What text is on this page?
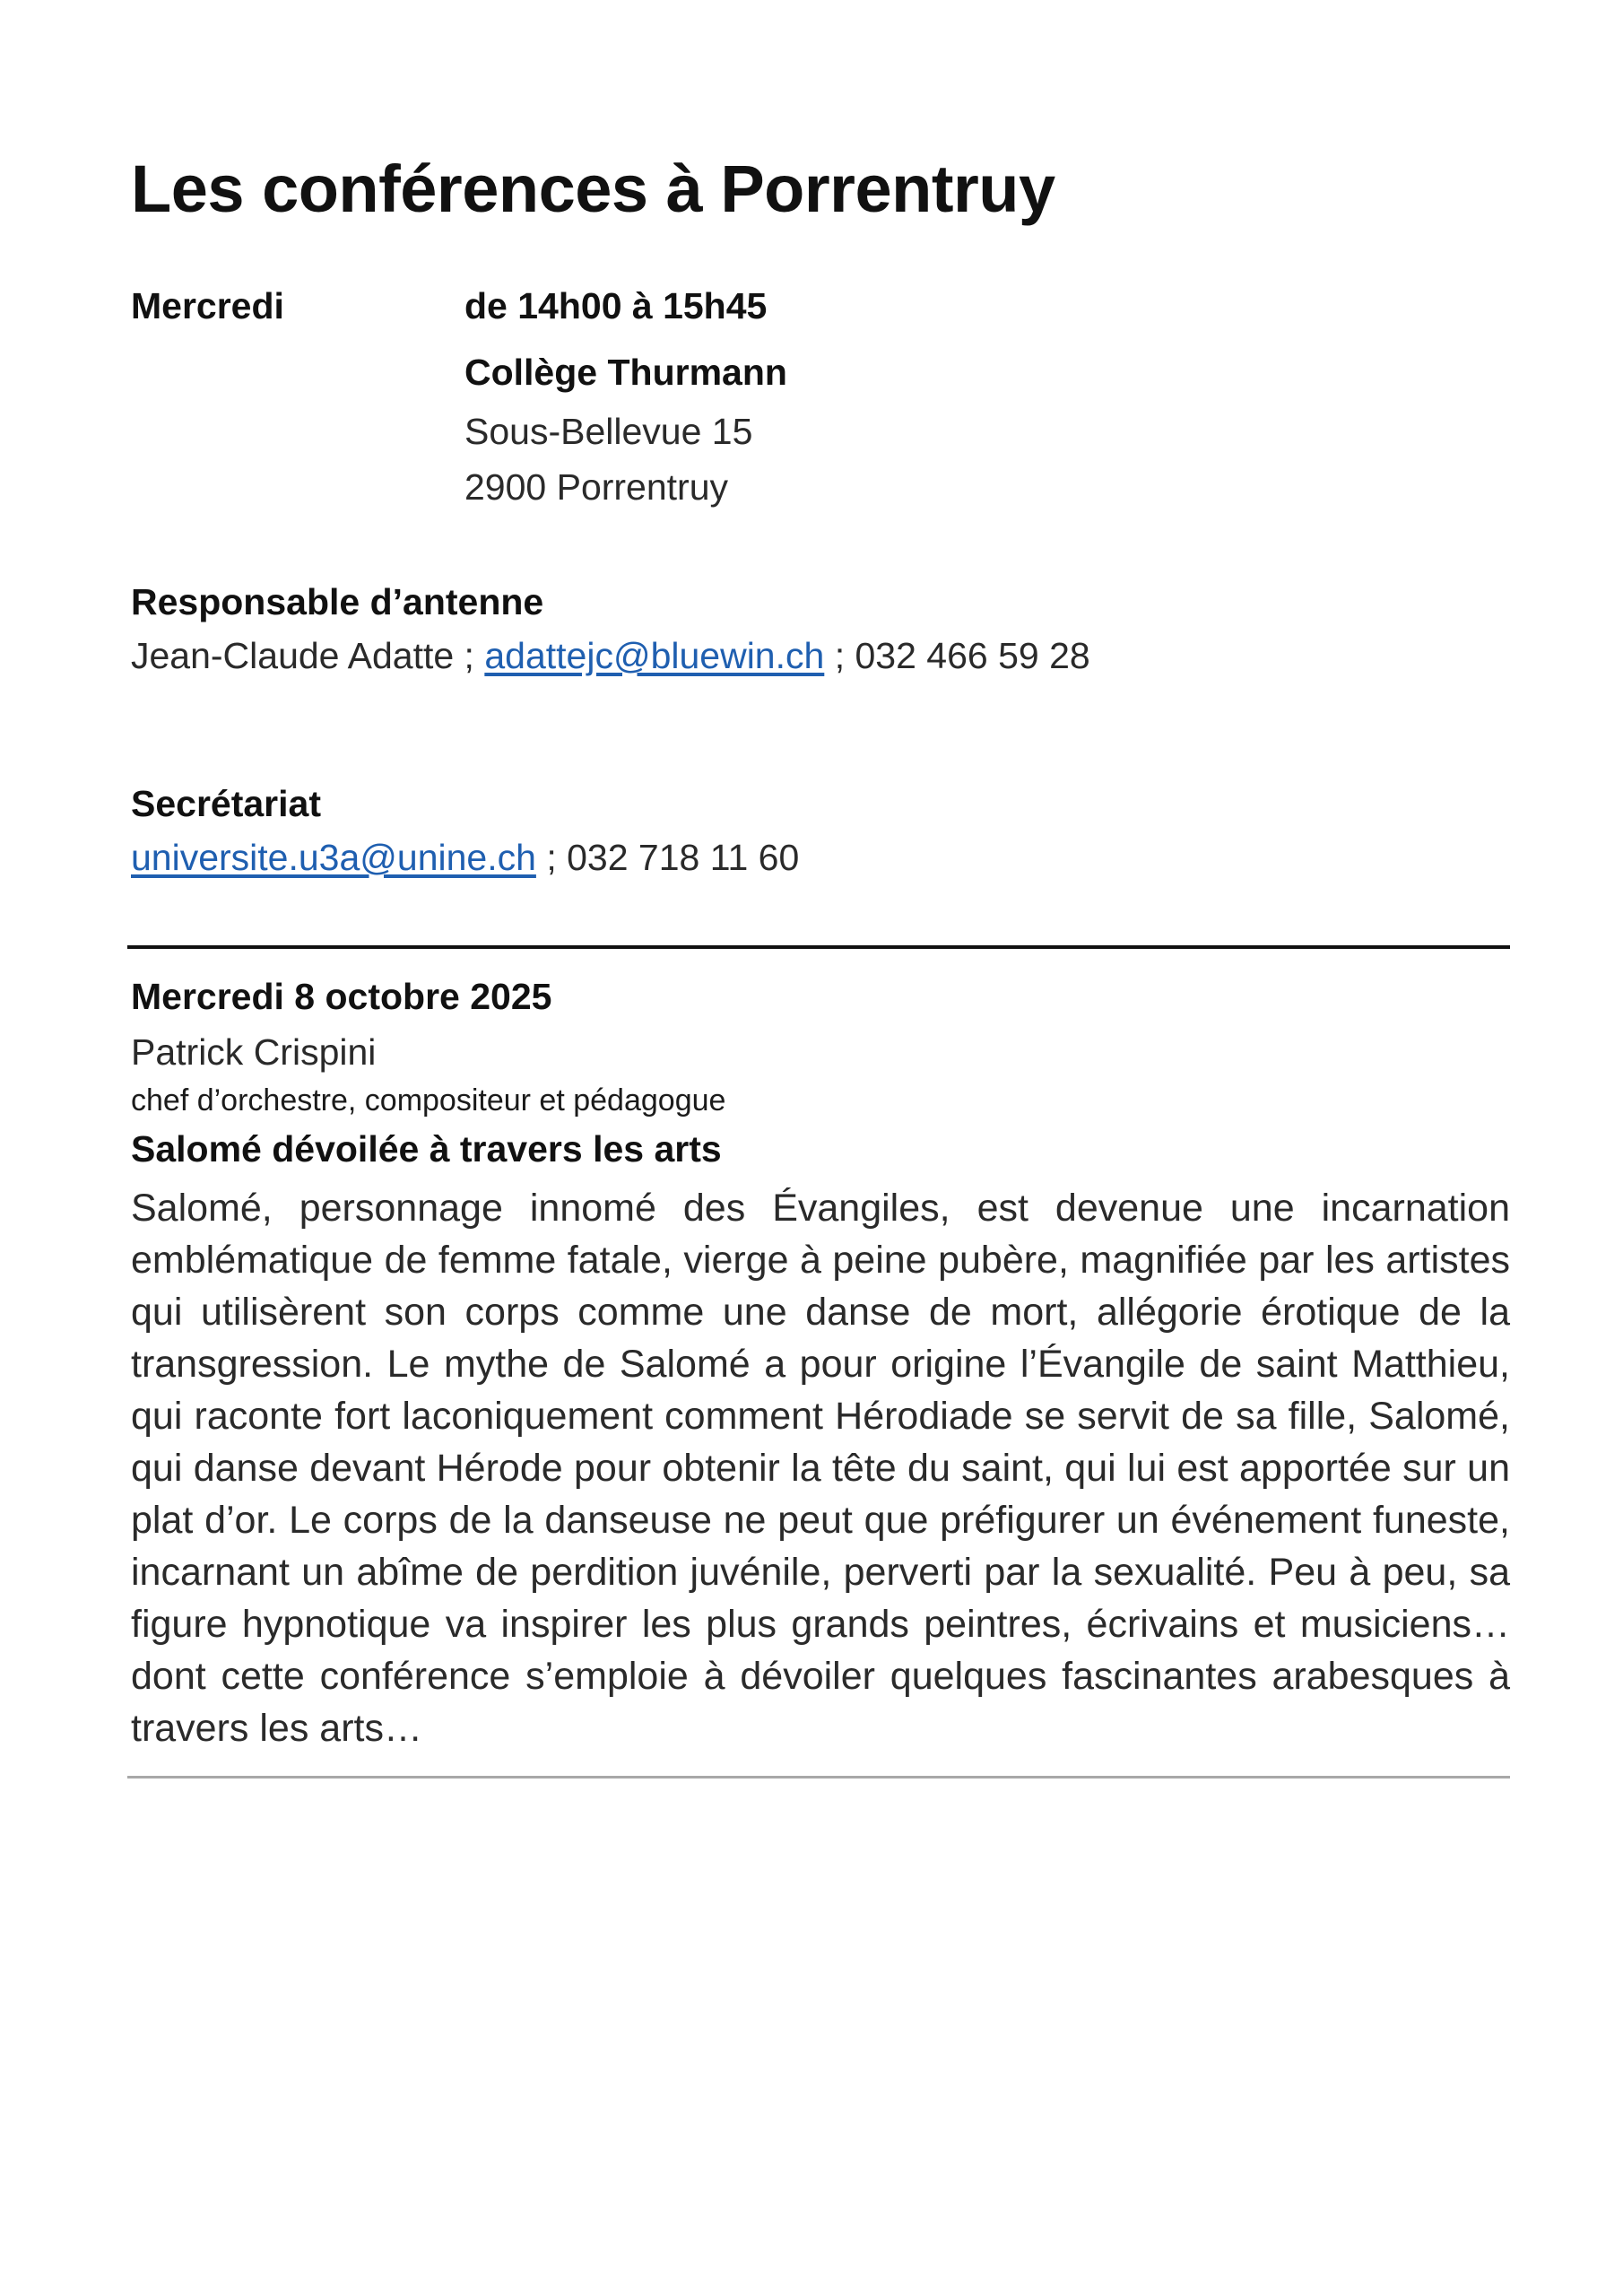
Les conférences à Porrentruy
Mercredi	de 14h00 à 15h45
Collège Thurmann
Sous-Bellevue 15
2900 Porrentruy
Responsable d’antenne
Jean-Claude Adatte ; adattejc@bluewin.ch ; 032 466 59 28
Secrétariat
universite.u3a@unine.ch ; 032 718 11 60
Mercredi 8 octobre 2025
Patrick Crispini
chef d’orchestre, compositeur et pédagogue
Salomé dévoilée à travers les arts

Salomé, personnage innomé des Évangiles, est devenue une incarnation emblématique de femme fatale, vierge à peine pubère, magnifiée par les artistes qui utilisèrent son corps comme une danse de mort, allégorie érotique de la transgression. Le mythe de Salomé a pour origine l’Évangile de saint Matthieu, qui raconte fort laconiquement comment Hérodiade se servit de sa fille, Salomé, qui danse devant Hérode pour obtenir la tête du saint, qui lui est apportée sur un plat d’or. Le corps de la danseuse ne peut que préfigurer un événement funeste, incarnant un abîme de perdition juvénile, perverti par la sexualité. Peu à peu, sa figure hypnotique va inspirer les plus grands peintres, écrivains et musiciens… dont cette conférence s’emploie à dévoiler quelques fascinantes arabesques à travers les arts…
